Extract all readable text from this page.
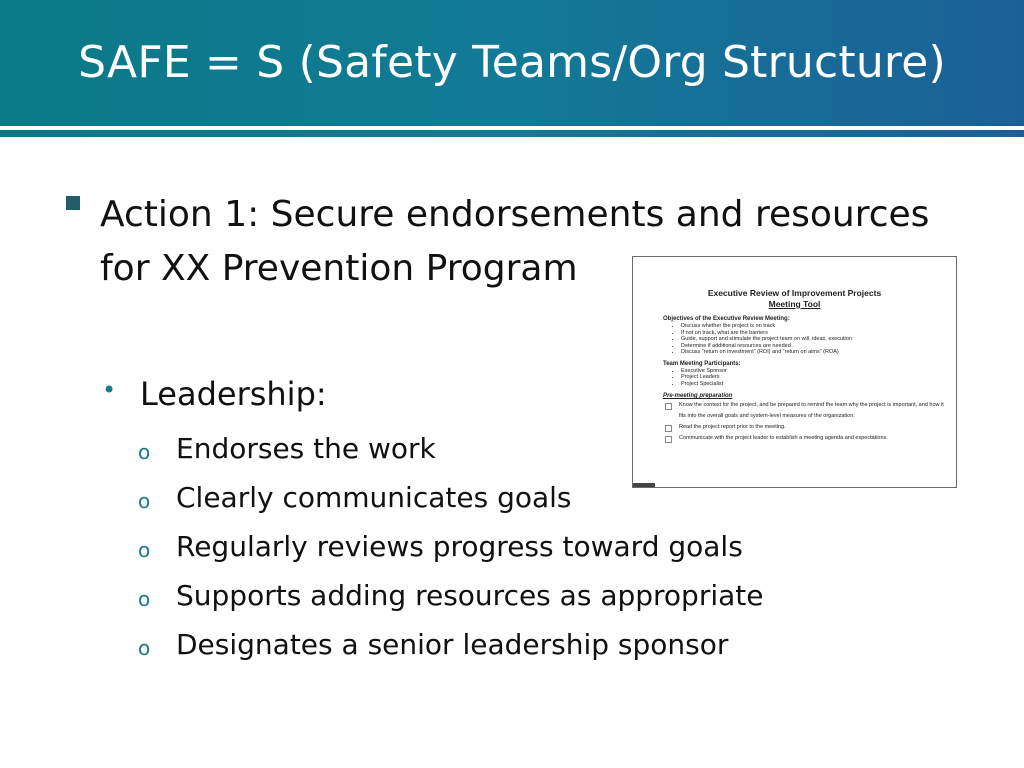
SAFE = S (Safety Teams/Org Structure)

Action 1: Secure endorsements and resources for XX Prevention Program

• Leadership:
o Endorses the work
o Clearly communicates goals
o Regularly reviews progress toward goals
o Supports adding resources as appropriate
o Designates a senior leadership sponsor
Executive Review of Improvement Projects
Meeting Tool
Objectives of the Executive Review Meeting:
• Discuss whether the project is on track
• If not on track, what are the barriers
• Guide, support and stimulate the project team on will, ideas, execution
• Determine if additional resources are needed .
• Discuss “return on investment” (ROI) and “return on aims” (ROA)
Team Meeting Participants:
• Executive Sponsor
• Project Leaders
• Project Specialist
Pre-meeting preparation
Know the context for the project, and be prepared to remind the team why the project is important, and how it fits into the overall goals and system-level measures of the organization.
Read the project report prior to the meeting.
Communicate with the project leader to establish a meeting agenda and expectations.
